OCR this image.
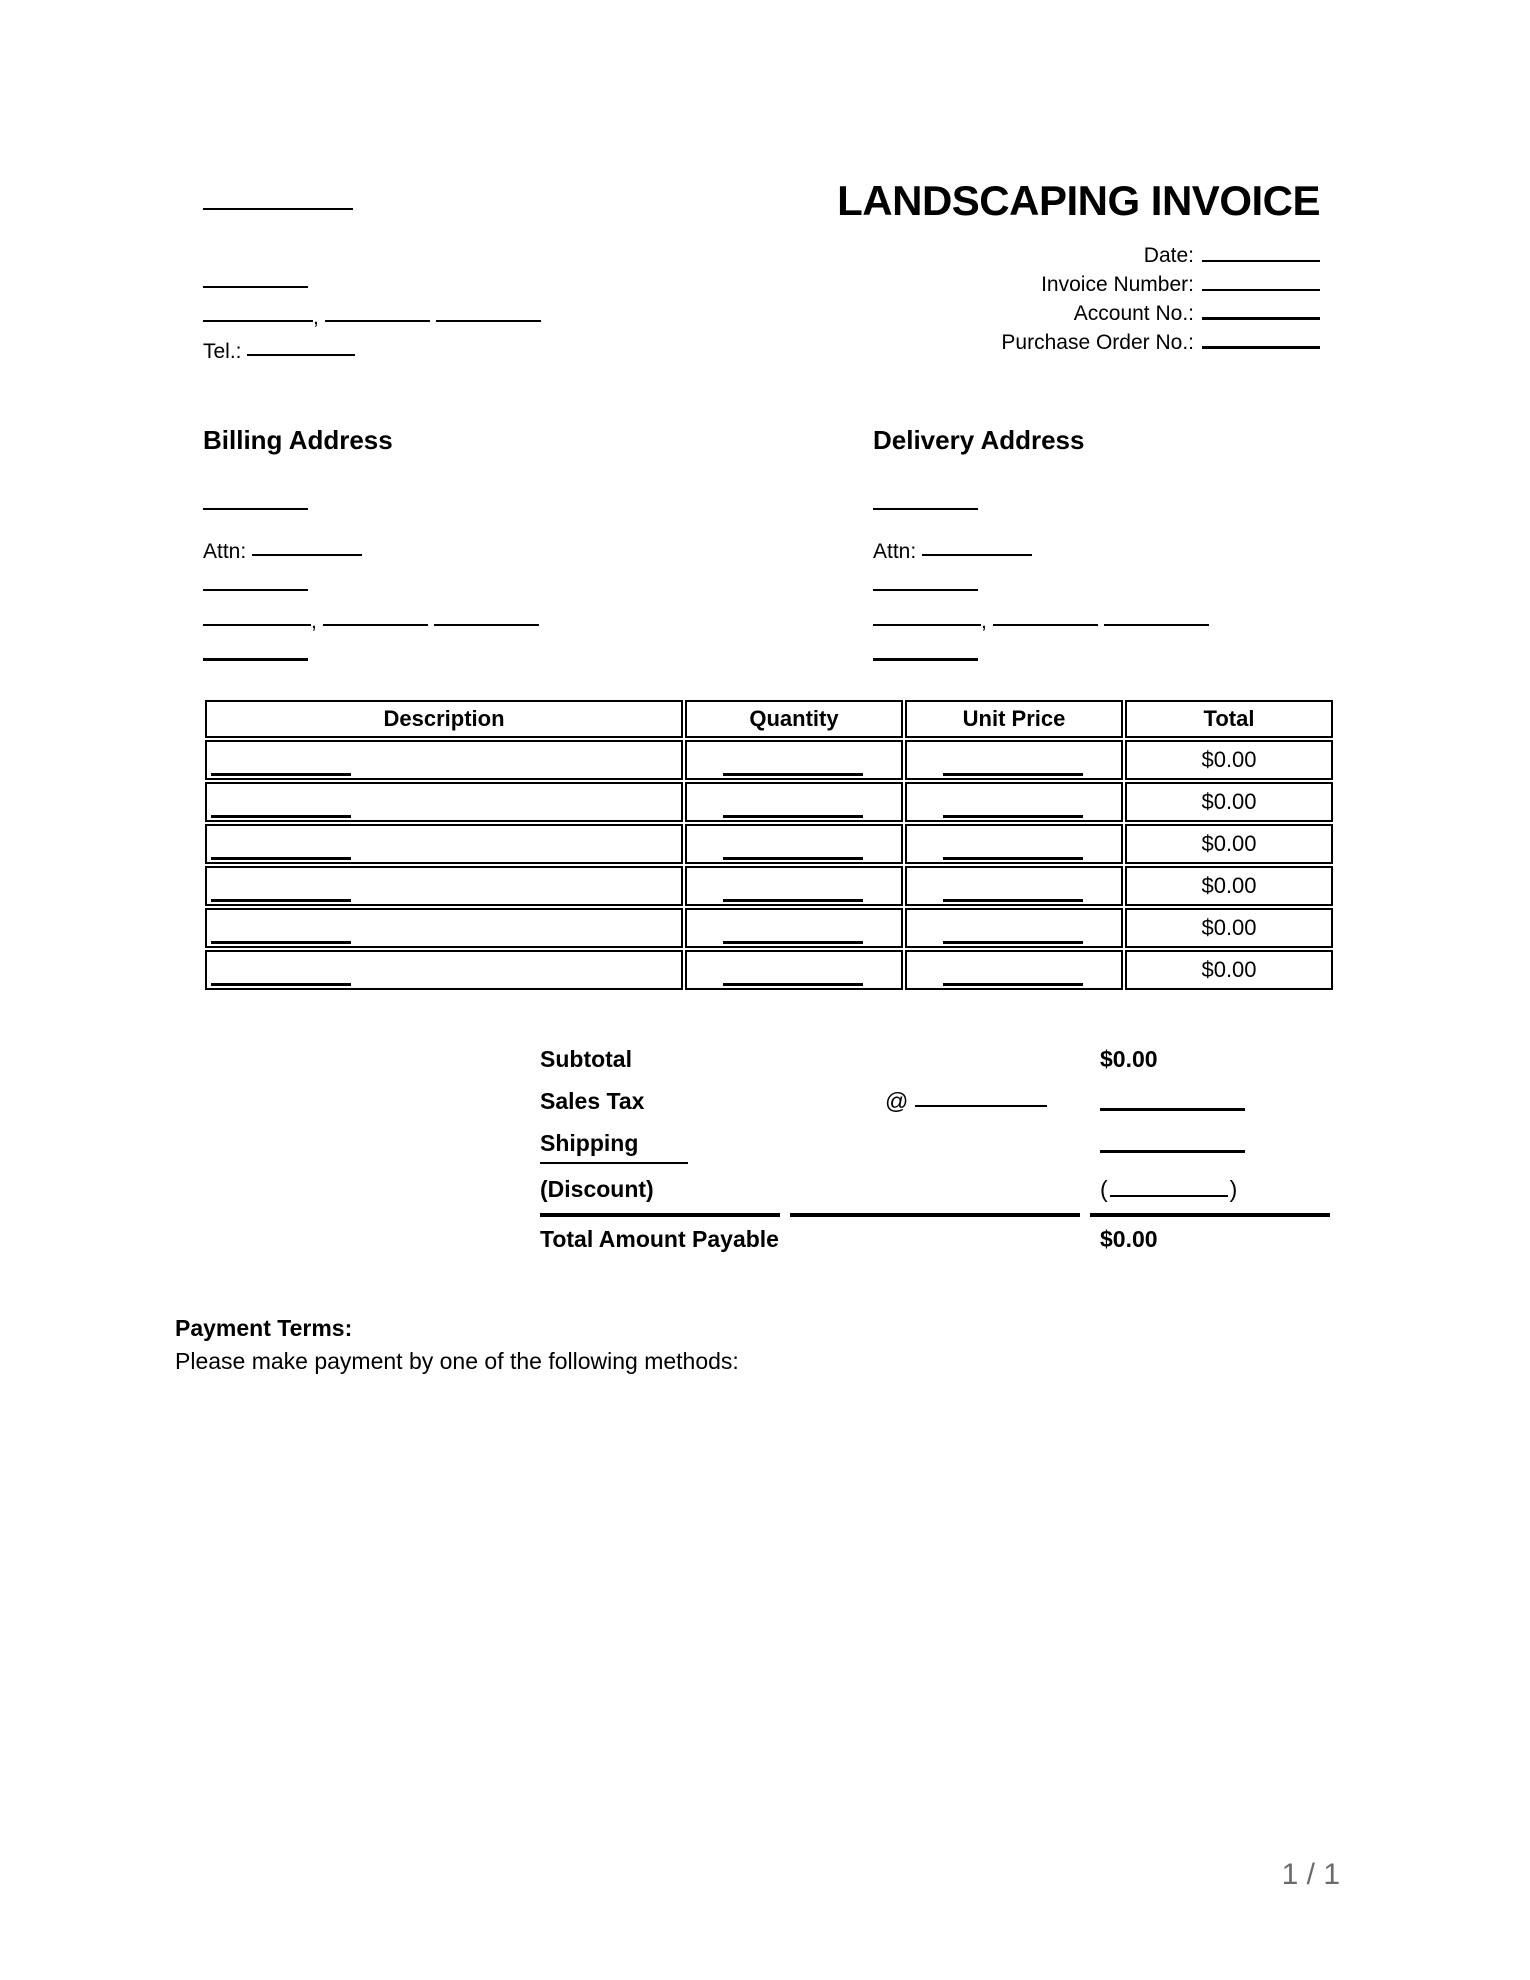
LANDSCAPING INVOICE
,
Tel.:
Date:
Invoice Number:
Account No.:
Purchase Order No.:
Billing Address
Attn:
,
Delivery Address
Attn:
,
Description	Quantity	Unit Price	Total

			$0.00

			$0.00

			$0.00

			$0.00

			$0.00

			$0.00
Subtotal	$0.00
Sales Tax	@
Shipping
(Discount)	(	)
Total Amount Payable	$0.00
Payment Terms:
Please make payment by one of the following methods:
1 / 1
